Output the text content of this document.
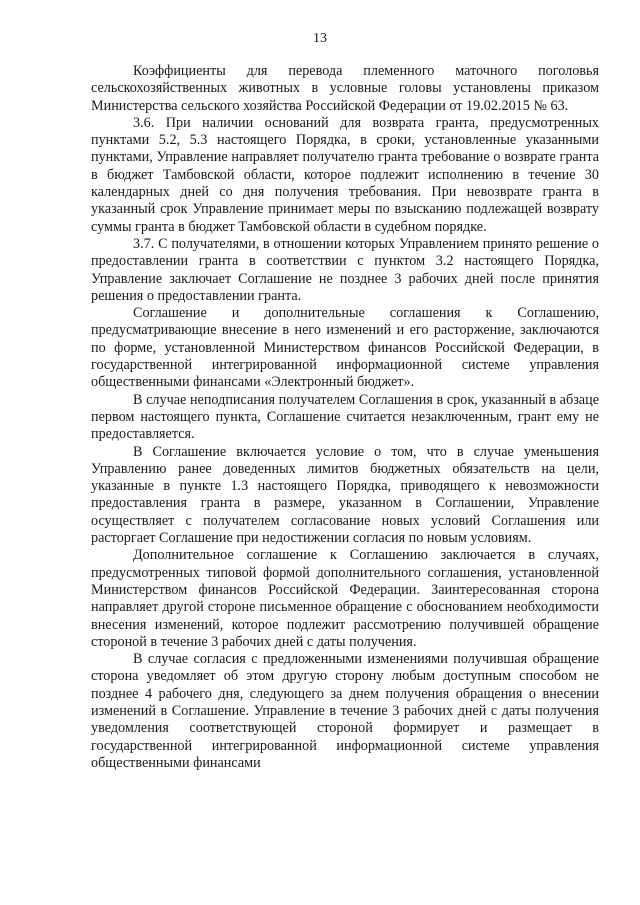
13

Коэффициенты для перевода племенного маточного поголовья сельскохозяйственных животных в условные головы установлены приказом Министерства сельского хозяйства Российской Федерации от 19.02.2015 № 63.

3.6. При наличии оснований для возврата гранта, предусмотренных пунктами 5.2, 5.3 настоящего Порядка, в сроки, установленные указанными пунктами, Управление направляет получателю гранта требование о возврате гранта в бюджет Тамбовской области, которое подлежит исполнению в течение 30 календарных дней со дня получения требования. При невозврате гранта в указанный срок Управление принимает меры по взысканию подлежащей возврату суммы гранта в бюджет Тамбовской области в судебном порядке.

3.7. С получателями, в отношении которых Управлением принято решение о предоставлении гранта в соответствии с пунктом 3.2 настоящего Порядка, Управление заключает Соглашение не позднее 3 рабочих дней после принятия решения о предоставлении гранта.

Соглашение и дополнительные соглашения к Соглашению, предусматривающие внесение в него изменений и его расторжение, заключаются по форме, установленной Министерством финансов Российской Федерации, в государственной интегрированной информационной системе управления общественными финансами «Электронный бюджет».

В случае неподписания получателем Соглашения в срок, указанный в абзаце первом настоящего пункта, Соглашение считается незаключенным, грант ему не предоставляется.

В Соглашение включается условие о том, что в случае уменьшения Управлению ранее доведенных лимитов бюджетных обязательств на цели, указанные в пункте 1.3 настоящего Порядка, приводящего к невозможности предоставления гранта в размере, указанном в Соглашении, Управление осуществляет с получателем согласование новых условий Соглашения или расторгает Соглашение при недостижении согласия по новым условиям.

Дополнительное соглашение к Соглашению заключается в случаях, предусмотренных типовой формой дополнительного соглашения, установленной Министерством финансов Российской Федерации. Заинтересованная сторона направляет другой стороне письменное обращение с обоснованием необходимости внесения изменений, которое подлежит рассмотрению получившей обращение стороной в течение 3 рабочих дней с даты получения.

В случае согласия с предложенными изменениями получившая обращение сторона уведомляет об этом другую сторону любым доступным способом не позднее 4 рабочего дня, следующего за днем получения обращения о внесении изменений в Соглашение. Управление в течение 3 рабочих дней с даты получения уведомления соответствующей стороной формирует и размещает в государственной интегрированной информационной системе управления общественными финансами
